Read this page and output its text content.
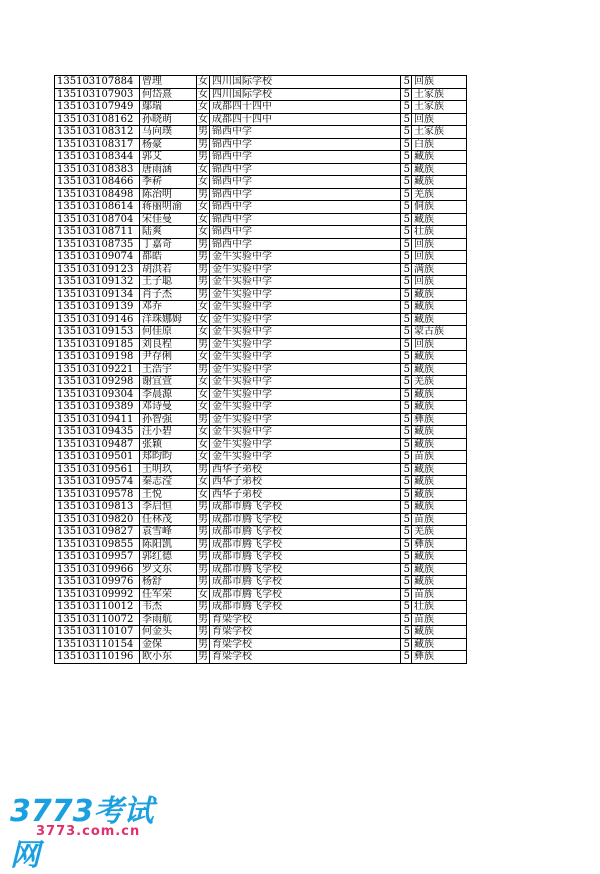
135103107884	曾理	女	四川国际学校	5	回族
135103107903	何岱熹	女	四川国际学校	5	土家族
135103107949	鄢瑞	女	成都四十四中	5	土家族
135103108162	孙晓萌	女	成都四十四中	5	回族
135103108312	马向璞	男	锦西中学	5	土家族
135103108317	杨豪	男	锦西中学	5	白族
135103108344	郭艾	男	锦西中学	5	藏族
135103108383	唐雨涵	女	锦西中学	5	藏族
135103108466	季菥	女	锦西中学	5	藏族
135103108498	陈治明	男	锦西中学	5	羌族
135103108614	蒋丽明渝	女	锦西中学	5	侗族
135103108704	宋佳曼	女	锦西中学	5	藏族
135103108711	陆爽	女	锦西中学	5	壮族
135103108735	丁嘉奇	男	锦西中学	5	回族
135103109074	都皓	男	金牛实验中学	5	回族
135103109123	胡洪若	男	金牛实验中学	5	满族
135103109132	王子聪	男	金牛实验中学	5	回族
135103109134	肖子杰	男	金牛实验中学	5	藏族
135103109139	邓乔	女	金牛实验中学	5	藏族
135103109146	洋珠娜姆	女	金牛实验中学	5	藏族
135103109153	何佳原	女	金牛实验中学	5	蒙古族
135103109185	刘良程	男	金牛实验中学	5	回族
135103109198	尹存俐	女	金牛实验中学	5	藏族
135103109221	王浩宇	男	金牛实验中学	5	藏族
135103109298	谢宜萱	女	金牛实验中学	5	羌族
135103109304	李晨源	女	金牛实验中学	5	藏族
135103109389	邓诗曼	女	金牛实验中学	5	藏族
135103109411	孙智强	男	金牛实验中学	5	彝族
135103109435	汪小碧	女	金牛实验中学	5	藏族
135103109487	张颖	女	金牛实验中学	5	藏族
135103109501	郑昀昀	女	金牛实验中学	5	苗族
135103109561	王明玖	男	西华子弟校	5	藏族
135103109574	秦志滢	女	西华子弟校	5	藏族
135103109578	王悦	女	西华子弟校	5	藏族
135103109813	李启恒	男	成都市腾飞学校	5	藏族
135103109820	任林茂	男	成都市腾飞学校	5	苗族
135103109827	袁雪峰	男	成都市腾飞学校	5	羌族
135103109855	陈阳凯	男	成都市腾飞学校	5	彝族
135103109957	郭红德	男	成都市腾飞学校	5	藏族
135103109966	罗文东	男	成都市腾飞学校	5	藏族
135103109976	杨舒	男	成都市腾飞学校	5	藏族
135103109992	任军荣	女	成都市腾飞学校	5	苗族
135103110012	韦杰	男	成都市腾飞学校	5	壮族
135103110072	李雨航	男	育梁学校	5	苗族
135103110107	何金头	男	育梁学校	5	藏族
135103110154	金保	男	育梁学校	5	藏族
135103110196	欧小东	男	育梁学校	5	彝族
3773考试网
3773.com.cn
